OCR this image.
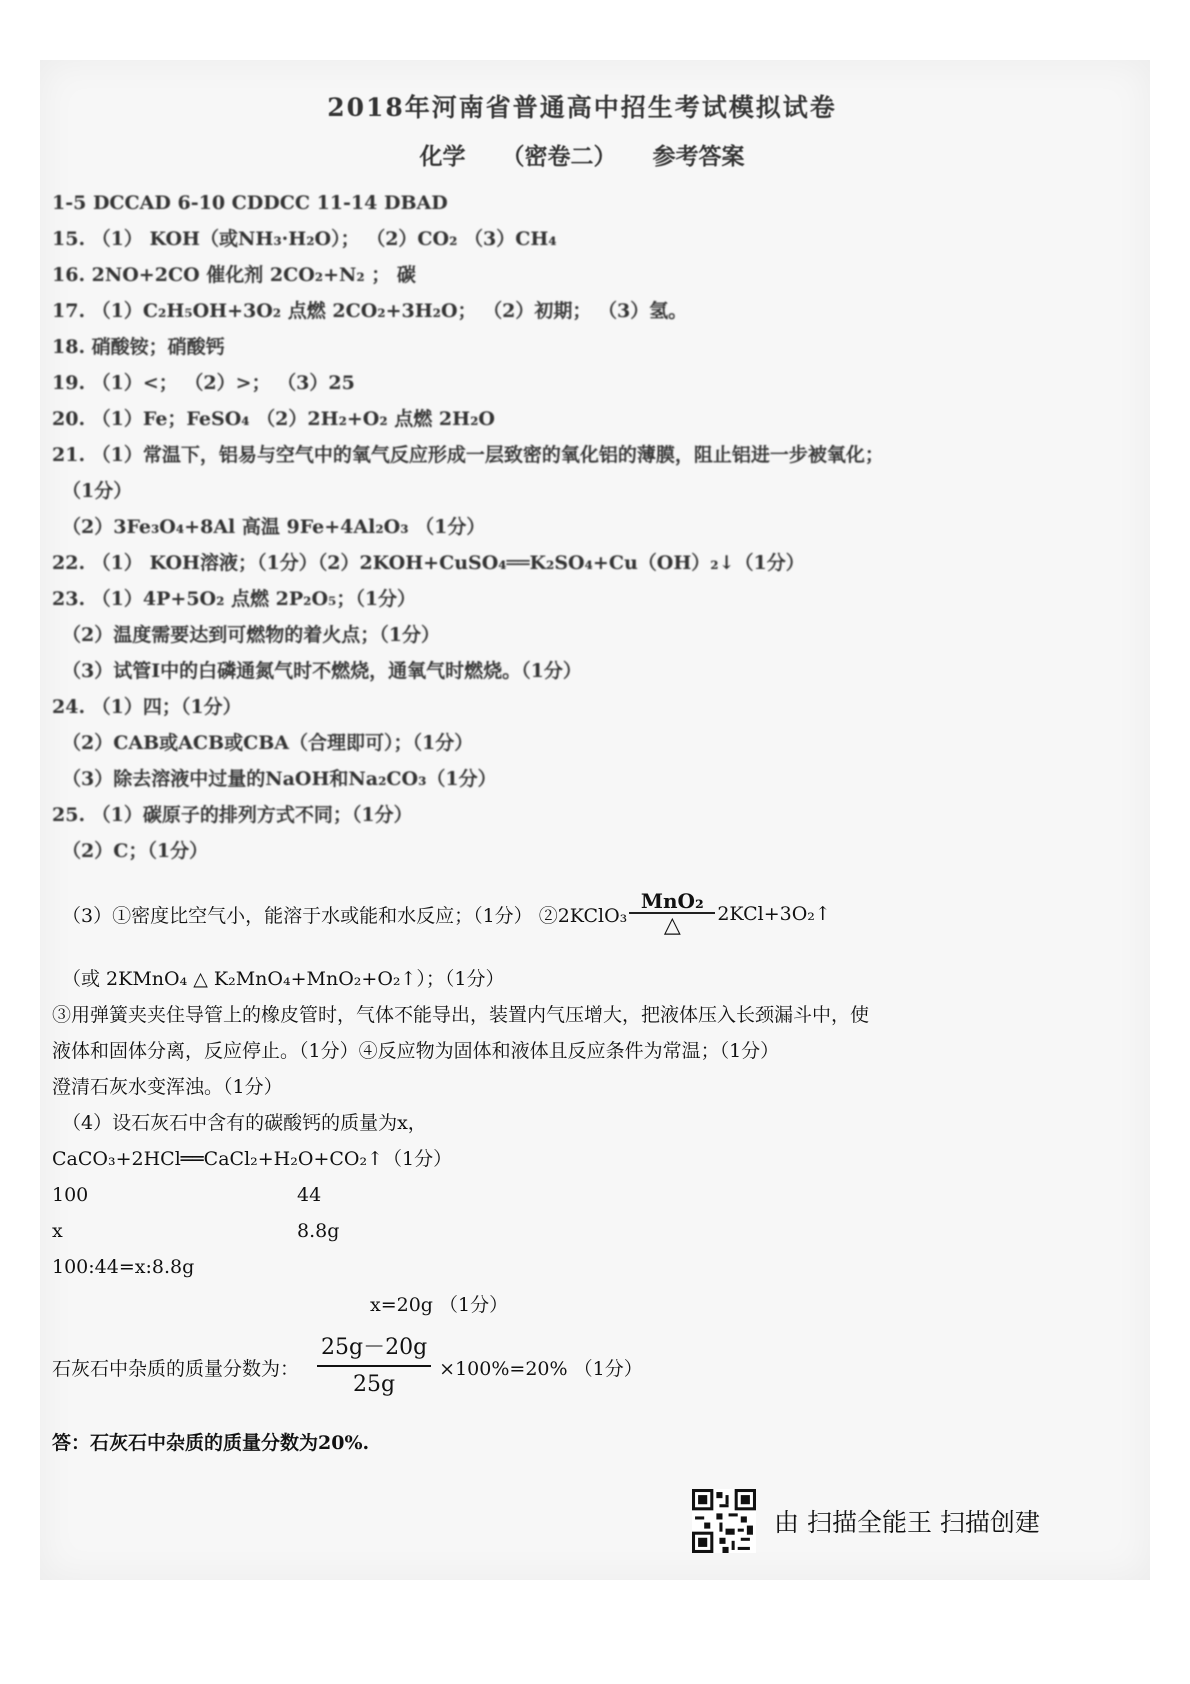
2018年河南省普通高中招生考试模拟试卷
化学 （密卷二） 参考答案
1-5 DCCAD 6-10 CDDCC 11-14 DBAD
15. （1） KOH（或NH₃·H₂O）； （2）CO₂ （3）CH₄
16. 2NO+2CO 催化剂 2CO₂+N₂ ； 碳
17. （1）C₂H₅OH+3O₂ 点燃 2CO₂+3H₂O； （2）初期； （3）氢。
18. 硝酸铵；硝酸钙
19. （1）<； （2）>； （3）25
20. （1）Fe；FeSO₄ （2）2H₂+O₂ 点燃 2H₂O
21. （1）常温下，铝易与空气中的氧气反应形成一层致密的氧化铝的薄膜，阻止铝进一步被氧化；
（1分）
（2）3Fe₃O₄+8Al 高温 9Fe+4Al₂O₃ （1分）
22. （1） KOH溶液；（1分）（2）2KOH+CuSO₄══K₂SO₄+Cu（OH）₂↓（1分）
23. （1）4P+5O₂ 点燃 2P₂O₅；（1分）
（2）温度需要达到可燃物的着火点；（1分）
（3）试管Ⅰ中的白磷通氮气时不燃烧，通氧气时燃烧。（1分）
24. （1）四；（1分）
（2）CAB或ACB或CBA（合理即可）；（1分）
（3）除去溶液中过量的NaOH和Na₂CO₃（1分）
25. （1）碳原子的排列方式不同；（1分）
（2）C；（1分）
（3）①密度比空气小，能溶于水或能和水反应；（1分） ②2KClO₃ $\frac{\text{MnO₂}}{\triangle}$ 2KCl+3O₂↑
（或 2KMnO₄ △ K₂MnO₄+MnO₂+O₂↑）；（1分）
③用弹簧夹夹住导管上的橡皮管时，气体不能导出，装置内气压增大，把液体压入长颈漏斗中，使
液体和固体分离，反应停止。（1分）④反应物为固体和液体且反应条件为常温；（1分）
澄清石灰水变浑浊。（1分）
（4）设石灰石中含有的碳酸钙的质量为x，
CaCO₃+2HCl══CaCl₂+H₂O+CO₂↑（1分）
100	44
x	8.8g
100:44=x:8.8g
x=20g （1分）
石灰石中杂质的质量分数为： $\frac{25g-20g}{25g} \times 100\%=20\%$ （1分）
答：石灰石中杂质的质量分数为20%.
由 扫描全能王 扫描创建
